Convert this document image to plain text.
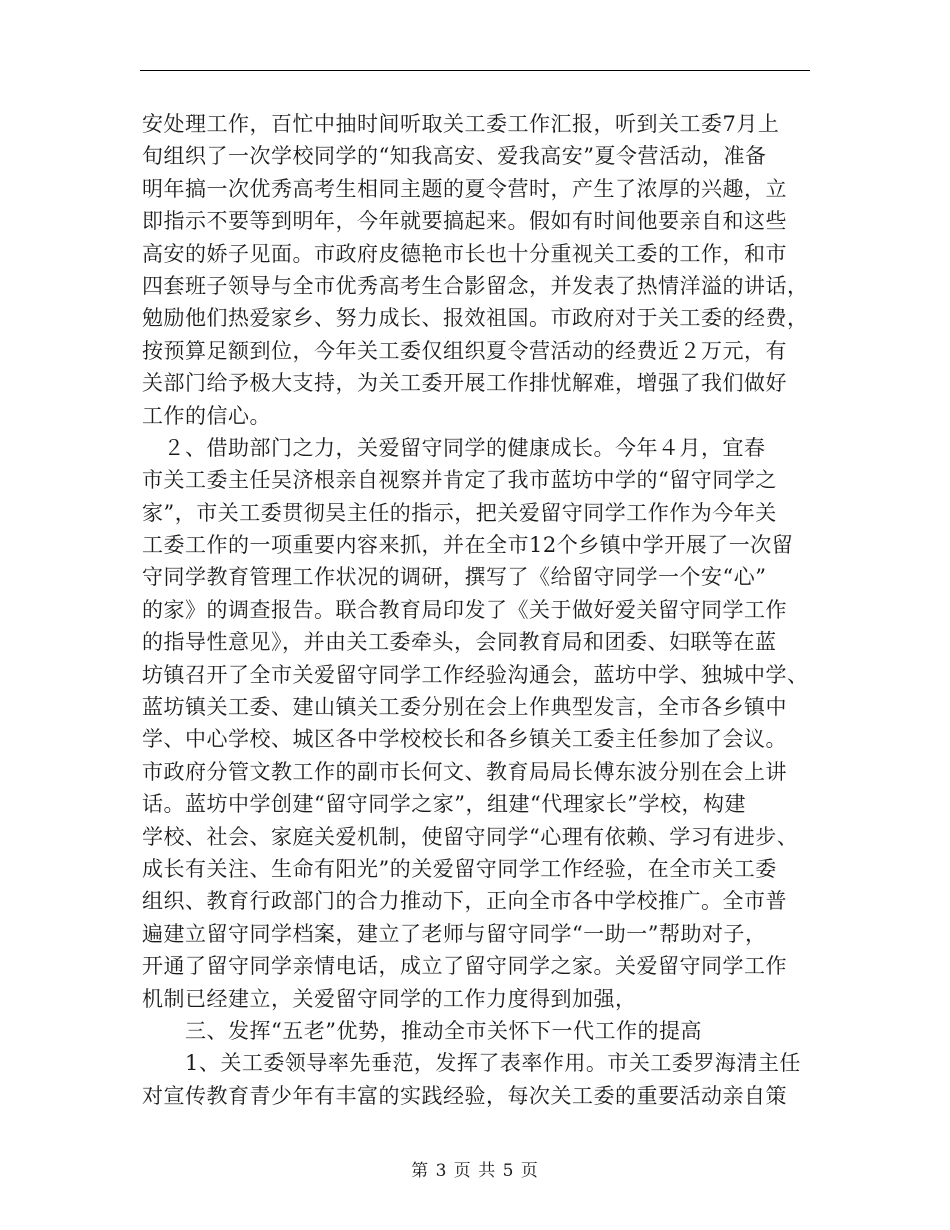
安处理工作，百忙中抽时间听取关工委工作汇报，听到关工委7月上
旬组织了一次学校同学的“知我高安、爱我高安”夏令营活动，准备
明年搞一次优秀高考生相同主题的夏令营时，产生了浓厚的兴趣，立
即指示不要等到明年，今年就要搞起来。假如有时间他要亲自和这些
高安的娇子见面。市政府皮德艳市长也十分重视关工委的工作，和市
四套班子领导与全市优秀高考生合影留念，并发表了热情洋溢的讲话，
勉励他们热爱家乡、努力成长、报效祖国。市政府对于关工委的经费，
按预算足额到位，今年关工委仅组织夏令营活动的经费近２万元，有
关部门给予极大支持，为关工委开展工作排忧解难，增强了我们做好
工作的信心。
　２、借助部门之力，关爱留守同学的健康成长。今年４月，宜春
市关工委主任吴济根亲自视察并肯定了我市蓝坊中学的“留守同学之
家”，市关工委贯彻吴主任的指示，把关爱留守同学工作作为今年关
工委工作的一项重要内容来抓，并在全市12个乡镇中学开展了一次留
守同学教育管理工作状况的调研，撰写了《给留守同学一个安“心”
的家》的调查报告。联合教育局印发了《关于做好爱关留守同学工作
的指导性意见》，并由关工委牵头，会同教育局和团委、妇联等在蓝
坊镇召开了全市关爱留守同学工作经验沟通会，蓝坊中学、独城中学、
蓝坊镇关工委、建山镇关工委分别在会上作典型发言，全市各乡镇中
学、中心学校、城区各中学校校长和各乡镇关工委主任参加了会议。
市政府分管文教工作的副市长何文、教育局局长傅东波分别在会上讲
话。蓝坊中学创建“留守同学之家”，组建“代理家长”学校，构建
学校、社会、家庭关爱机制，使留守同学“心理有依赖、学习有进步、
成长有关注、生命有阳光”的关爱留守同学工作经验，在全市关工委
组织、教育行政部门的合力推动下，正向全市各中学校推广。全市普
遍建立留守同学档案，建立了老师与留守同学“一助一”帮助对子，
开通了留守同学亲情电话，成立了留守同学之家。关爱留守同学工作
机制已经建立，关爱留守同学的工作力度得到加强，
　　三、发挥“五老”优势，推动全市关怀下一代工作的提高
　　1、关工委领导率先垂范，发挥了表率作用。市关工委罗海清主任
对宣传教育青少年有丰富的实践经验，每次关工委的重要活动亲自策
第 3 页 共 5 页
